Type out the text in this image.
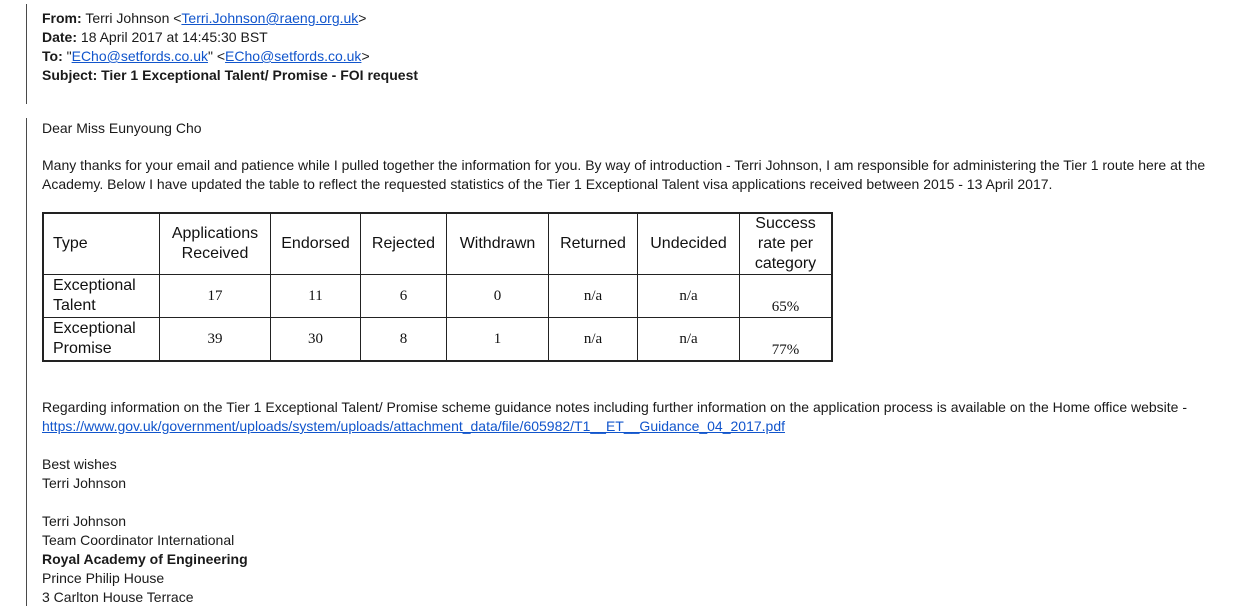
From: Terri Johnson <Terri.Johnson@raeng.org.uk>
Date: 18 April 2017 at 14:45:30 BST
To: "ECho@setfords.co.uk" <ECho@setfords.co.uk>
Subject: Tier 1 Exceptional Talent/ Promise - FOI request

Dear Miss Eunyoung Cho

Many thanks for your email and patience while I pulled together the information for you. By way of introduction - Terri Johnson, I am responsible for administering the Tier 1 route here at the Academy. Below I have updated the table to reflect the requested statistics of the Tier 1 Exceptional Talent visa applications received between 2015 - 13 April 2017.

Type	Applications Received	Endorsed	Rejected	Withdrawn	Returned	Undecided	Success rate per category
Exceptional Talent	17	11	6	0	n/a	n/a	65%
Exceptional Promise	39	30	8	1	n/a	n/a	77%

Regarding information on the Tier 1 Exceptional Talent/ Promise scheme guidance notes including further information on the application process is available on the Home office website -

https://www.gov.uk/government/uploads/system/uploads/attachment_data/file/605982/T1__ET__Guidance_04_2017.pdf

Best wishes

Terri Johnson

Terri Johnson

Team Coordinator International

Royal Academy of Engineering

Prince Philip House

3 Carlton House Terrace
